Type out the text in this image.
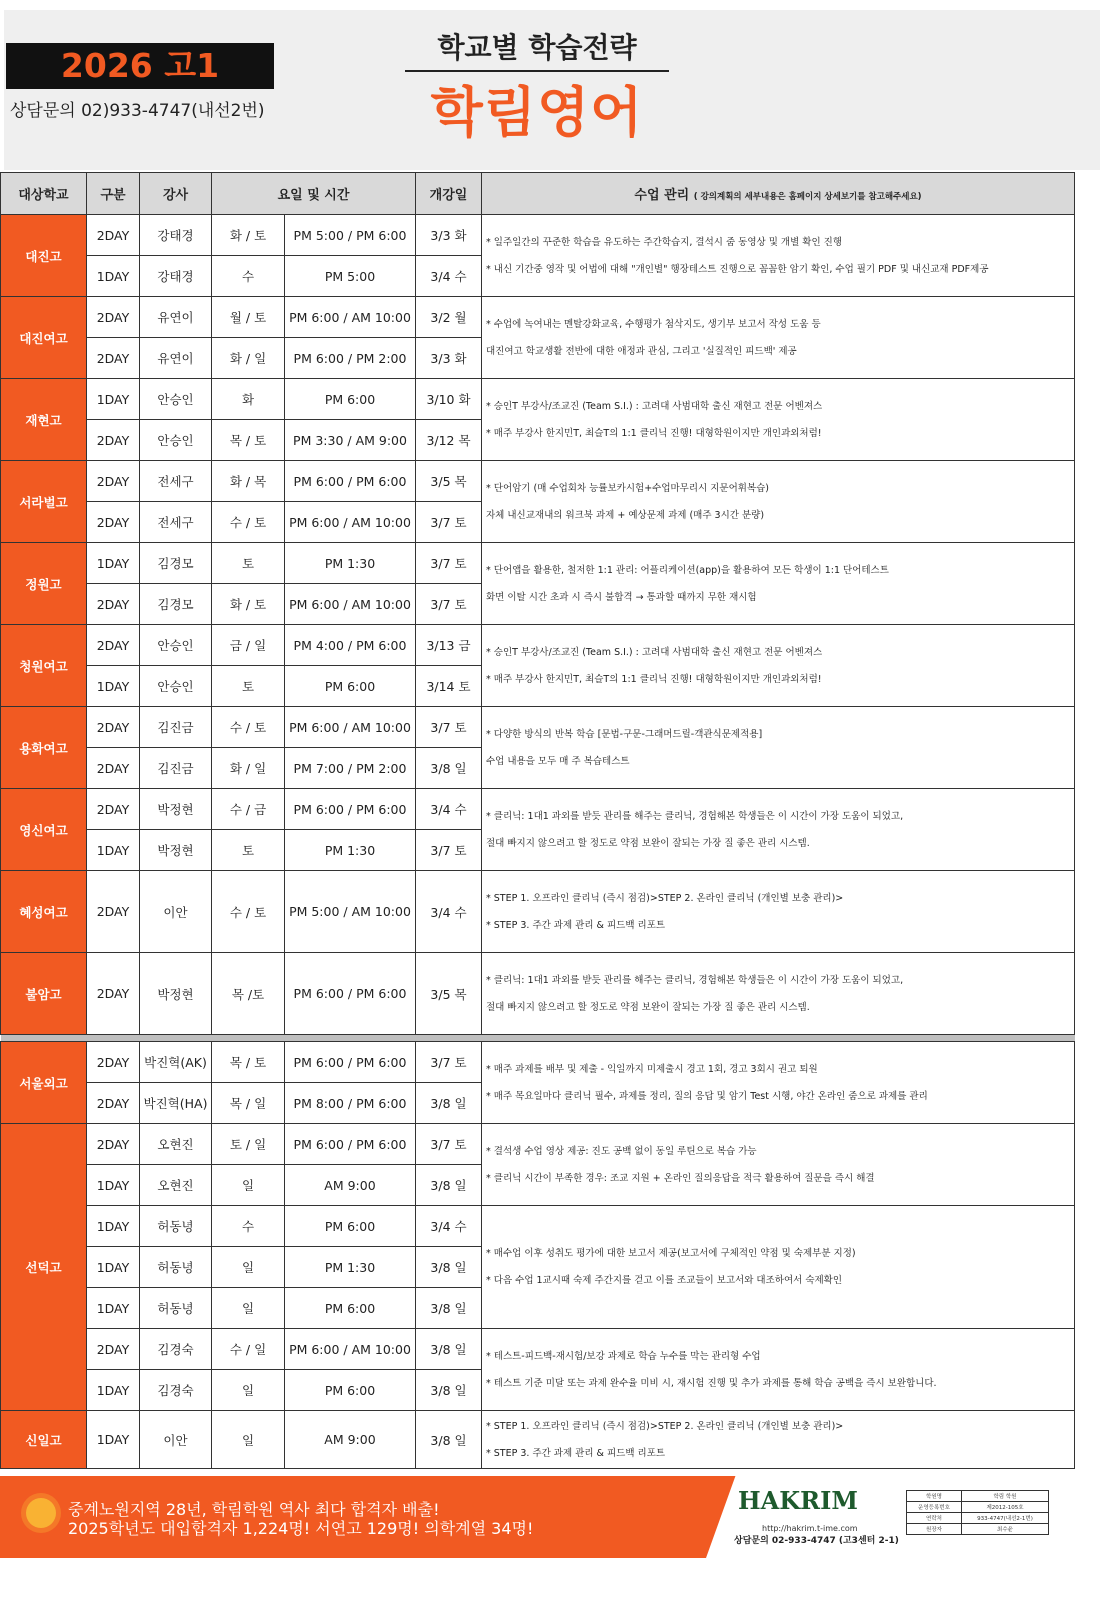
2026 고1
상담문의 02)933-4747(내선2번)
학교별 학습전략
학림영어
대상학교	구분	강사	요일 및 시간		개강일	수업 관리 ( 강의계획의 세부내용은 홈페이지 상세보기를 참고해주세요)
대진고	2DAY	강태경	화 / 토	PM 5:00 / PM 6:00	3/3 화	* 일주일간의 꾸준한 학습을 유도하는 주간학습지, 결석시 줌 동영상 및 개별 확인 진행
* 내신 기간중 영작 및 어법에 대해 "개인별" 행장테스트 진행으로 꼼꼼한 암기 확인, 수업 필기 PDF 및 내신교재 PDF제공

	1DAY	강태경	수	PM 5:00	3/4 수	
대진여고	2DAY	유연이	월 / 토	PM 6:00 / AM 10:00	3/2 월	* 수업에 녹여내는 멘탈강화교육, 수행평가 첨삭지도, 생기부 보고서 작성 도움 등
대진여고 학교생활 전반에 대한 애정과 관심, 그리고 '실질적인 피드백' 제공

	2DAY	유연이	화 / 일	PM 6:00 / PM 2:00	3/3 화	
재현고	1DAY	안승인	화	PM 6:00	3/10 화	* 승인T 부강사/조교진 (Team S.I.) : 고려대 사범대학 출신 재현고 전문 어벤져스
* 매주 부강사 한지민T, 최슬T의 1:1 클리닉 진행! 대형학원이지만 개인과외처럼!

	2DAY	안승인	목 / 토	PM 3:30 / AM 9:00	3/12 목	
서라벌고	2DAY	전세구	화 / 목	PM 6:00 / PM 6:00	3/5 목	* 단어암기 (매 수업회차 능률보카시험+수업마무리시 지문어휘복습)
자체 내신교재내의 워크북 과제 + 예상문제 과제 (매주 3시간 분량)

	2DAY	전세구	수 / 토	PM 6:00 / AM 10:00	3/7 토	
정원고	1DAY	김경모	토	PM 1:30	3/7 토	* 단어앱을 활용한, 철저한 1:1 관리: 어플리케이션(app)을 활용하여 모든 학생이 1:1 단어테스트
화면 이탈 시간 초과 시 즉시 불합격 → 통과할 때까지 무한 재시험

	2DAY	김경모	화 / 토	PM 6:00 / AM 10:00	3/7 토	
청원여고	2DAY	안승인	금 / 일	PM 4:00 / PM 6:00	3/13 금	* 승인T 부강사/조교진 (Team S.I.) : 고려대 사범대학 출신 재현고 전문 어벤져스
* 매주 부강사 한지민T, 최슬T의 1:1 클리닉 진행! 대형학원이지만 개인과외처럼!

	1DAY	안승인	토	PM 6:00	3/14 토	
용화여고	2DAY	김진금	수 / 토	PM 6:00 / AM 10:00	3/7 토	* 다양한 방식의 반복 학습 [문법-구문-그래머드릴-객관식문제적용]
수업 내용을 모두 매 주 복습테스트

	2DAY	김진금	화 / 일	PM 7:00 / PM 2:00	3/8 일	
영신여고	2DAY	박정현	수 / 금	PM 6:00 / PM 6:00	3/4 수	* 클리닉: 1대1 과외를 받듯 관리를 해주는 클리닉, 경험해본 학생들은 이 시간이 가장 도움이 되었고,
절대 빠지지 않으려고 할 정도로 약점 보완이 잘되는 가장 질 좋은 관리 시스템.

	1DAY	박정현	토	PM 1:30	3/7 토	
혜성여고	2DAY	이안	수 / 토	PM 5:00 / AM 10:00	3/4 수	* STEP 1. 오프라인 클리닉 (즉시 점검)>STEP 2. 온라인 클리닉 (개인별 보충 관리)>
* STEP 3. 주간 과제 관리 & 피드백 리포트

불암고	2DAY	박정현	목 /토	PM 6:00 / PM 6:00	3/5 목	* 클리닉: 1대1 과외를 받듯 관리를 해주는 클리닉, 경험해본 학생들은 이 시간이 가장 도움이 되었고,
절대 빠지지 않으려고 할 정도로 약점 보완이 잘되는 가장 질 좋은 관리 시스템.

서울외고	2DAY	박진혁(AK)	목 / 토	PM 6:00 / PM 6:00	3/7 토	* 매주 과제를 배부 및 제출 - 익일까지 미제출시 경고 1회, 경고 3회시 권고 퇴원
* 매주 목요일마다 클리닉 필수, 과제를 정리, 질의 응답 및 암기 Test 시행, 야간 온라인 줌으로 과제를 관리

	2DAY	박진혁(HA)	목 / 일	PM 8:00 / PM 6:00	3/8 일	
선덕고	2DAY	오현진	토 / 일	PM 6:00 / PM 6:00	3/7 토	* 결석생 수업 영상 제공: 진도 공백 없이 동일 루틴으로 복습 가능
* 클리닉 시간이 부족한 경우: 조교 지원 + 온라인 질의응답을 적극 활용하여 질문을 즉시 해결

	1DAY	오현진	일	AM 9:00	3/8 일	
	1DAY	허동녕	수	PM 6:00	3/4 수	* 매수업 이후 성취도 평가에 대한 보고서 제공(보고서에 구체적인 약점 및 숙제부분 지정)
* 다음 수업 1교시때 숙제 주간지를 걷고 이를 조교들이 보고서와 대조하여서 숙제확인

	1DAY	허동녕	일	PM 1:30	3/8 일	
	1DAY	허동녕	일	PM 6:00	3/8 일	
	2DAY	김경숙	수 / 일	PM 6:00 / AM 10:00	3/8 일	* 테스트-피드백-재시험/보강 과제로 학습 누수를 막는 관리형 수업
* 테스트 기준 미달 또는 과제 완수율 미비 시, 재시험 진행 및 추가 과제를 통해 학습 공백을 즉시 보완합니다.

	1DAY	김경숙	일	PM 6:00	3/8 일	
신일고	1DAY	이안	일	AM 9:00	3/8 일	* STEP 1. 오프라인 클리닉 (즉시 점검)>STEP 2. 온라인 클리닉 (개인별 보충 관리)>
* STEP 3. 주간 과제 관리 & 피드백 리포트
중계노원지역 28년, 학림학원 역사 최다 합격자 배출!
2025학년도 대입합격자 1,224명! 서연고 129명! 의학계열 34명!
HAKRIM
http://hakrim.t-ime.com
상담문의 02-933-4747 (고3센터 2-1)
학원명	학림 학원
운영등록번호	제2012-105호
연락처	933-4747(내선2-1번)
원장자	최수윤
